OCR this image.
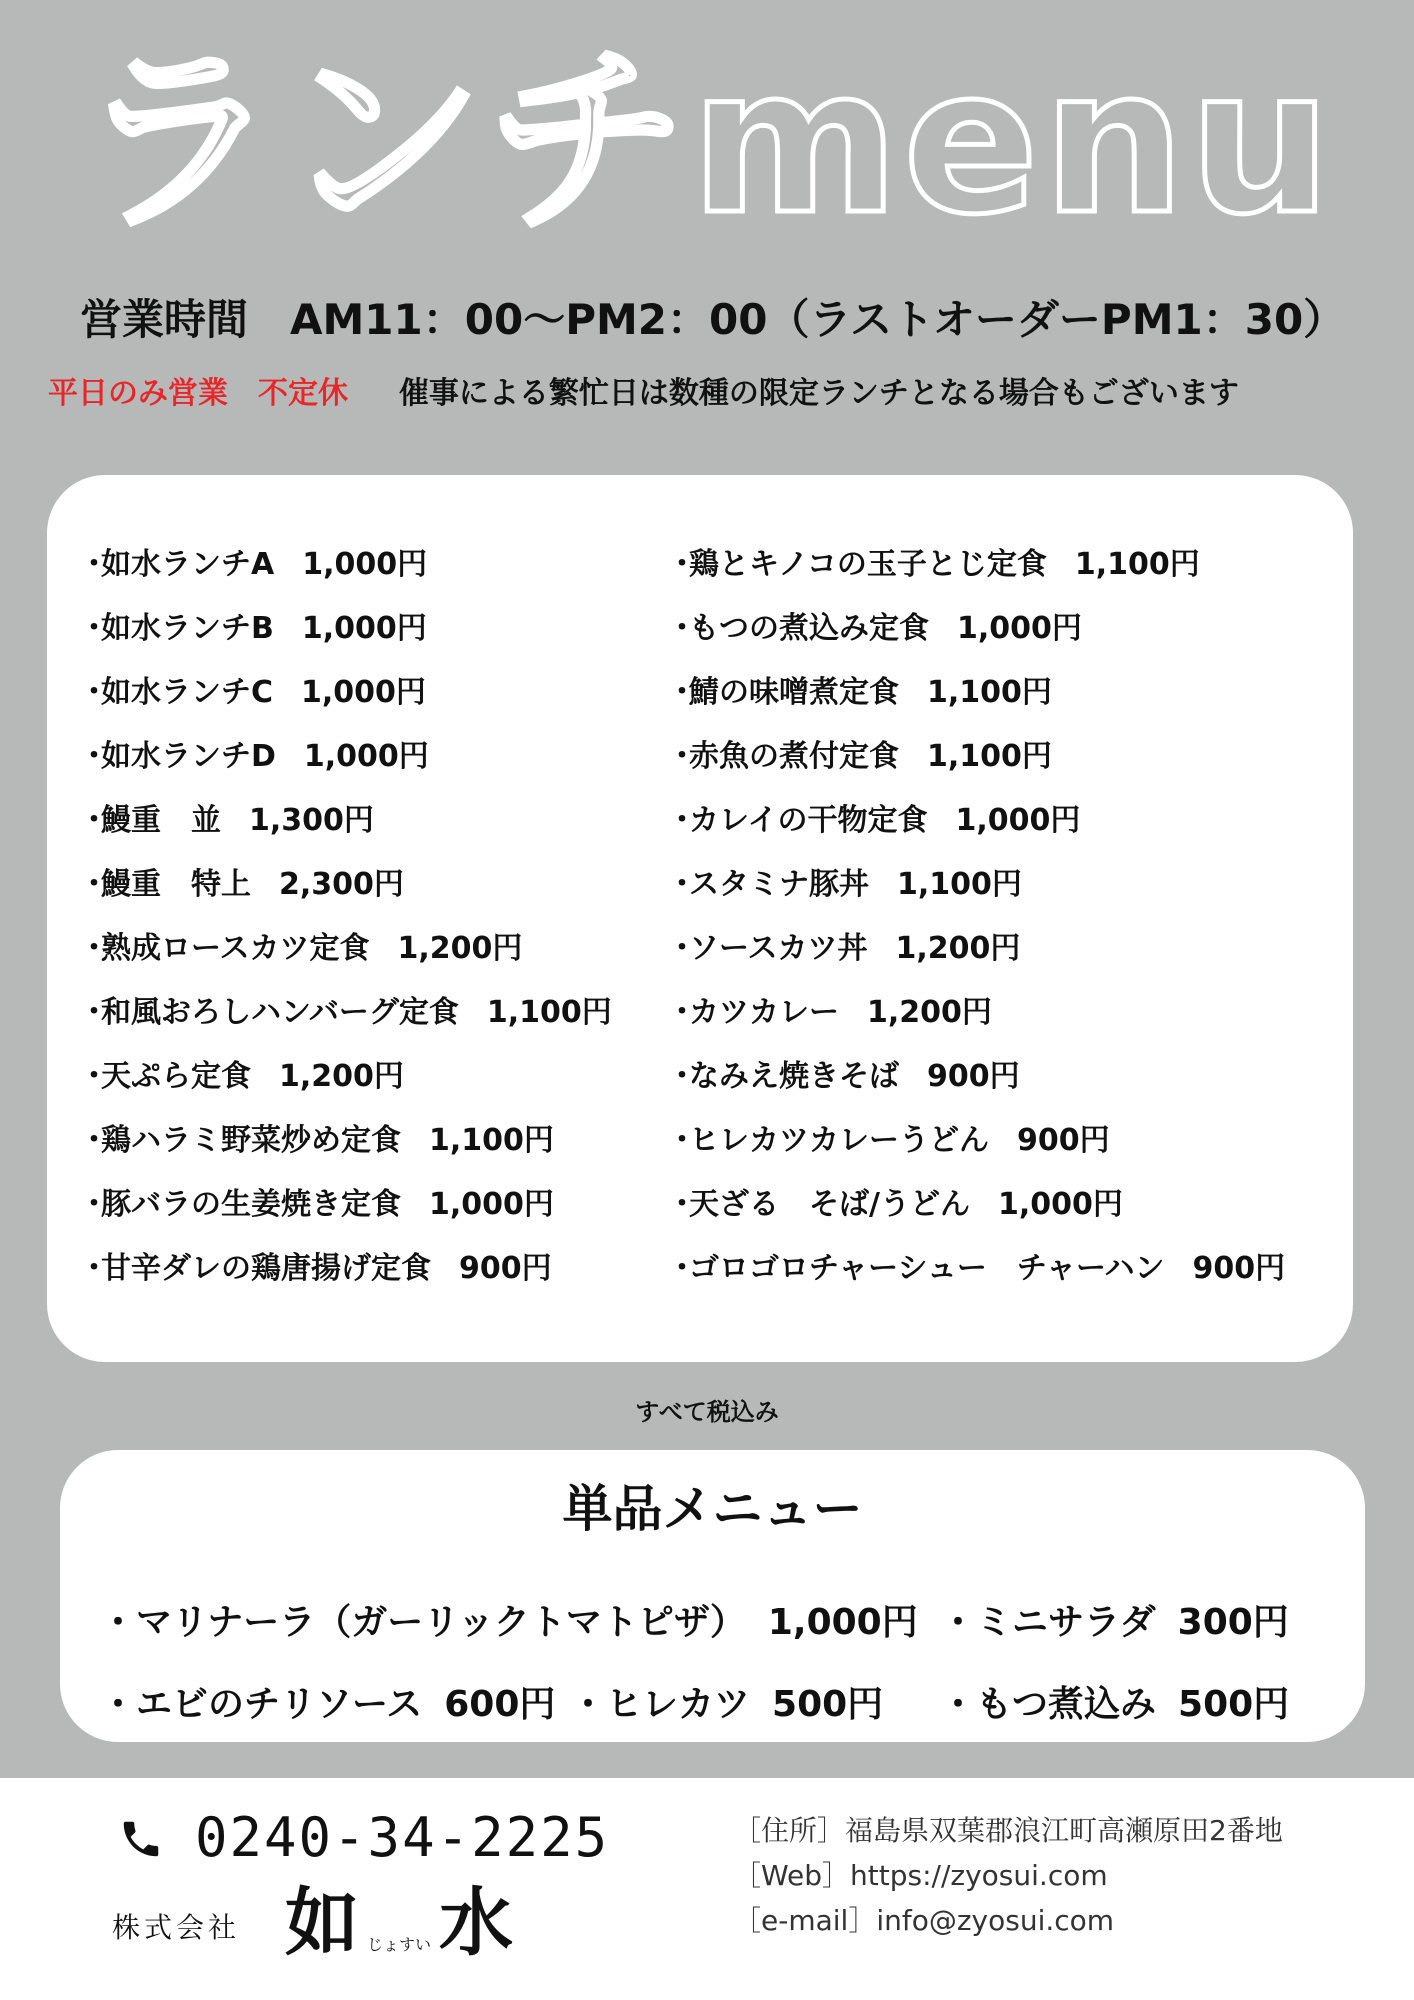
ランチmenu
営業時間　AM11：00〜PM2：00（ラストオーダーPM1：30）
平日のみ営業　不定休 　 催事による繁忙日は数種の限定ランチとなる場合もございます
・如水ランチA 1,000円
・如水ランチB 1,000円
・如水ランチC 1,000円
・如水ランチD 1,000円
・鰻重　並 1,300円
・鰻重　特上 2,300円
・熟成ロースカツ定食 1,200円
・和風おろしハンバーグ定食 1,100円
・天ぷら定食 1,200円
・鶏ハラミ野菜炒め定食 1,100円
・豚バラの生姜焼き定食 1,000円
・甘辛ダレの鶏唐揚げ定食 900円
・鶏とキノコの玉子とじ定食 1,100円
・もつの煮込み定食 1,000円
・鯖の味噌煮定食 1,100円
・赤魚の煮付定食 1,100円
・カレイの干物定食 1,000円
・スタミナ豚丼 1,100円
・ソースカツ丼 1,200円
・カツカレー 1,200円
・なみえ焼きそば 900円
・ヒレカツカレーうどん 900円
・天ざる　そば/うどん 1,000円
・ゴロゴロチャーシュー　チャーハン 900円
すべて税込み
単品メニュー
・マリナーラ（ガーリックトマトピザ） 1,000円 ・ミニサラダ 300円
・エビのチリソース 600円 ・ヒレカツ 500円 ・もつ煮込み 500円
0240-34-2225
株式会社 如じょすい 水
［住所］福島県双葉郡浪江町高瀬原田2番地
［Web］https://zyosui.com
［e-mail］info@zyosui.com
